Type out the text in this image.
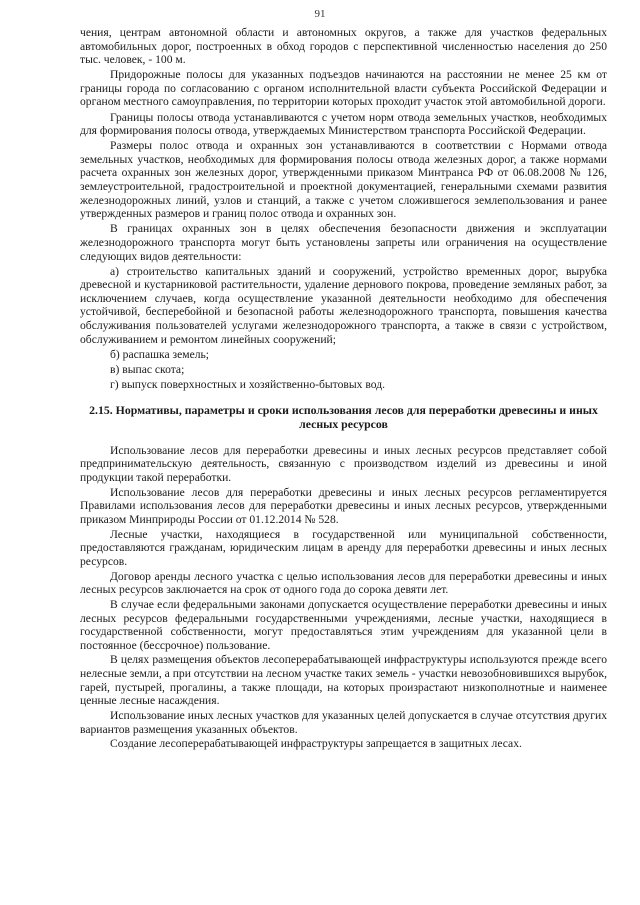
91

чения, центрам автономной области и автономных округов, а также для участков федеральных автомобильных дорог, построенных в обход городов с перспективной численностью населения до 250 тыс. человек, - 100 м.

Придорожные полосы для указанных подъездов начинаются на расстоянии не менее 25 км от границы города по согласованию с органом исполнительной власти субъекта Российской Федерации и органом местного самоуправления, по территории которых проходит участок этой автомобильной дороги.

Границы полосы отвода устанавливаются с учетом норм отвода земельных участков, необходимых для формирования полосы отвода, утверждаемых Министерством транспорта Российской Федерации.

Размеры полос отвода и охранных зон устанавливаются в соответствии с Нормами отвода земельных участков, необходимых для формирования полосы отвода железных дорог, а также нормами расчета охранных зон железных дорог, утвержденными приказом Минтранса РФ от 06.08.2008 № 126, землеустроительной, градостроительной и проектной документацией, генеральными схемами развития железнодорожных линий, узлов и станций, а также с учетом сложившегося землепользования и ранее утвержденных размеров и границ полос отвода и охранных зон.

В границах охранных зон в целях обеспечения безопасности движения и эксплуатации железнодорожного транспорта могут быть установлены запреты или ограничения на осуществление следующих видов деятельности:

а) строительство капитальных зданий и сооружений, устройство временных дорог, вырубка древесной и кустарниковой растительности, удаление дернового покрова, проведение земляных работ, за исключением случаев, когда осуществление указанной деятельности необходимо для обеспечения устойчивой, бесперебойной и безопасной работы железнодорожного транспорта, повышения качества обслуживания пользователей услугами железнодорожного транспорта, а также в связи с устройством, обслуживанием и ремонтом линейных сооружений;

б) распашка земель;

в) выпас скота;

г) выпуск поверхностных и хозяйственно-бытовых вод.

2.15. Нормативы, параметры и сроки использования лесов для переработки древесины и иных лесных ресурсов

Использование лесов для переработки древесины и иных лесных ресурсов представляет собой предпринимательскую деятельность, связанную с производством изделий из древесины и иной продукции такой переработки.

Использование лесов для переработки древесины и иных лесных ресурсов регламентируется Правилами использования лесов для переработки древесины и иных лесных ресурсов, утвержденными приказом Минприроды России от 01.12.2014 № 528.

Лесные участки, находящиеся в государственной или муниципальной собственности, предоставляются гражданам, юридическим лицам в аренду для переработки древесины и иных лесных ресурсов.

Договор аренды лесного участка с целью использования лесов для переработки древесины и иных лесных ресурсов заключается на срок от одного года до сорока девяти лет.

В случае если федеральными законами допускается осуществление переработки древесины и иных лесных ресурсов федеральными государственными учреждениями, лесные участки, находящиеся в государственной собственности, могут предоставляться этим учреждениям для указанной цели в постоянное (бессрочное) пользование.

В целях размещения объектов лесоперерабатывающей инфраструктуры используются прежде всего нелесные земли, а при отсутствии на лесном участке таких земель - участки невозобновившихся вырубок, гарей, пустырей, прогалины, а также площади, на которых произрастают низкополнотные и наименее ценные лесные насаждения.

Использование иных лесных участков для указанных целей допускается в случае отсутствия других вариантов размещения указанных объектов.

Создание лесоперерабатывающей инфраструктуры запрещается в защитных лесах.
